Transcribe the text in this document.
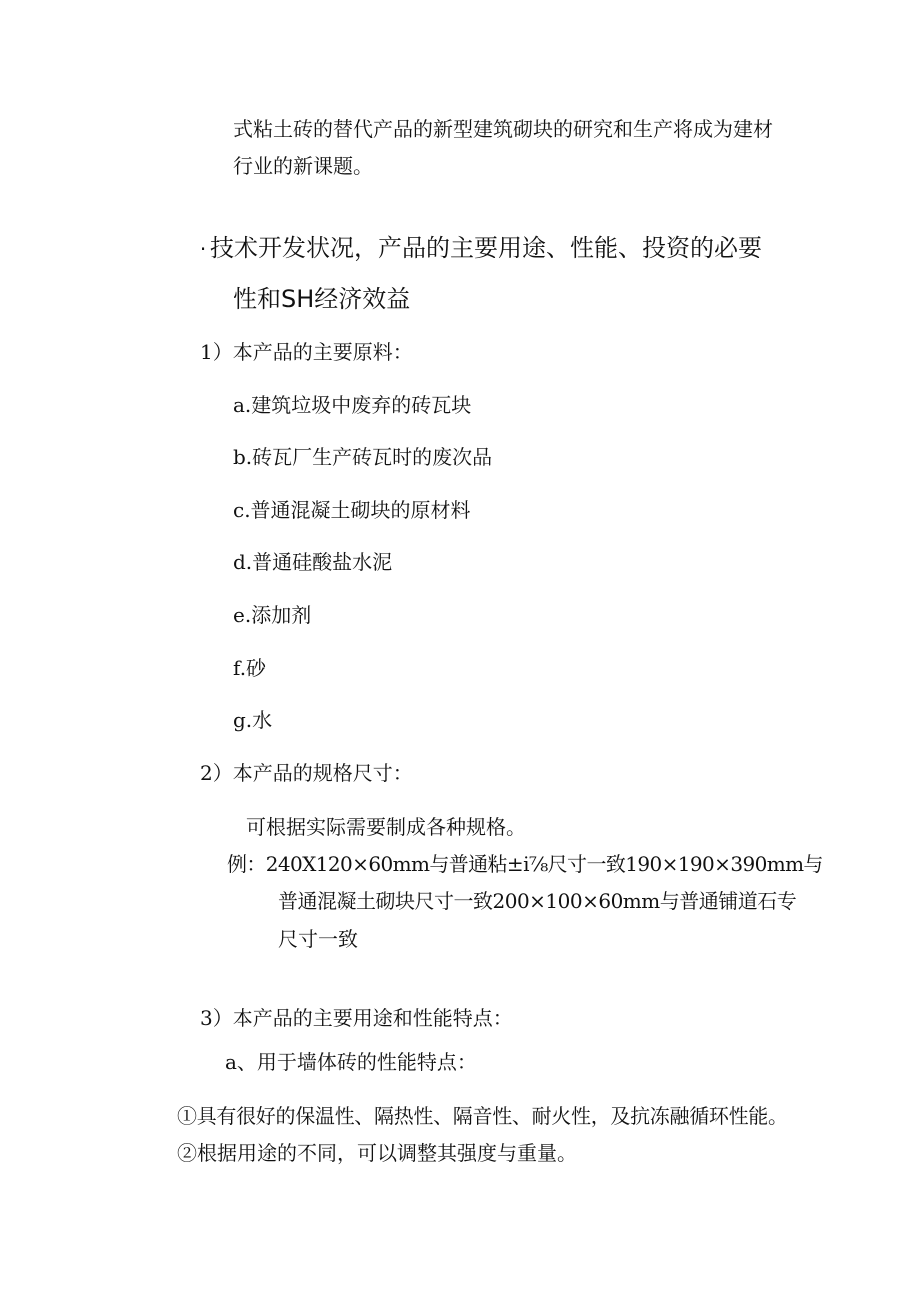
式粘土砖的替代产品的新型建筑砌块的研究和生产将成为建材
行业的新课题。
· 技术开发状况，产品的主要用途、性能、投资的必要
性和SH经济效益
1）本产品的主要原料：
a.建筑垃圾中废弃的砖瓦块
b.砖瓦厂生产砖瓦时的废次品
c.普通混凝土砌块的原材料
d.普通硅酸盐水泥
e.添加剂
f.砂
g.水
2）本产品的规格尺寸：
可根据实际需要制成各种规格。
例：240X120×60mm与普通粘±i⅞尺寸一致190×190×390mm与
普通混凝土砌块尺寸一致200×100×60mm与普通铺道石专
尺寸一致
3）本产品的主要用途和性能特点：
a、用于墙体砖的性能特点：
①具有很好的保温性、隔热性、隔音性、耐火性，及抗冻融循环性能。
②根据用途的不同，可以调整其强度与重量。
